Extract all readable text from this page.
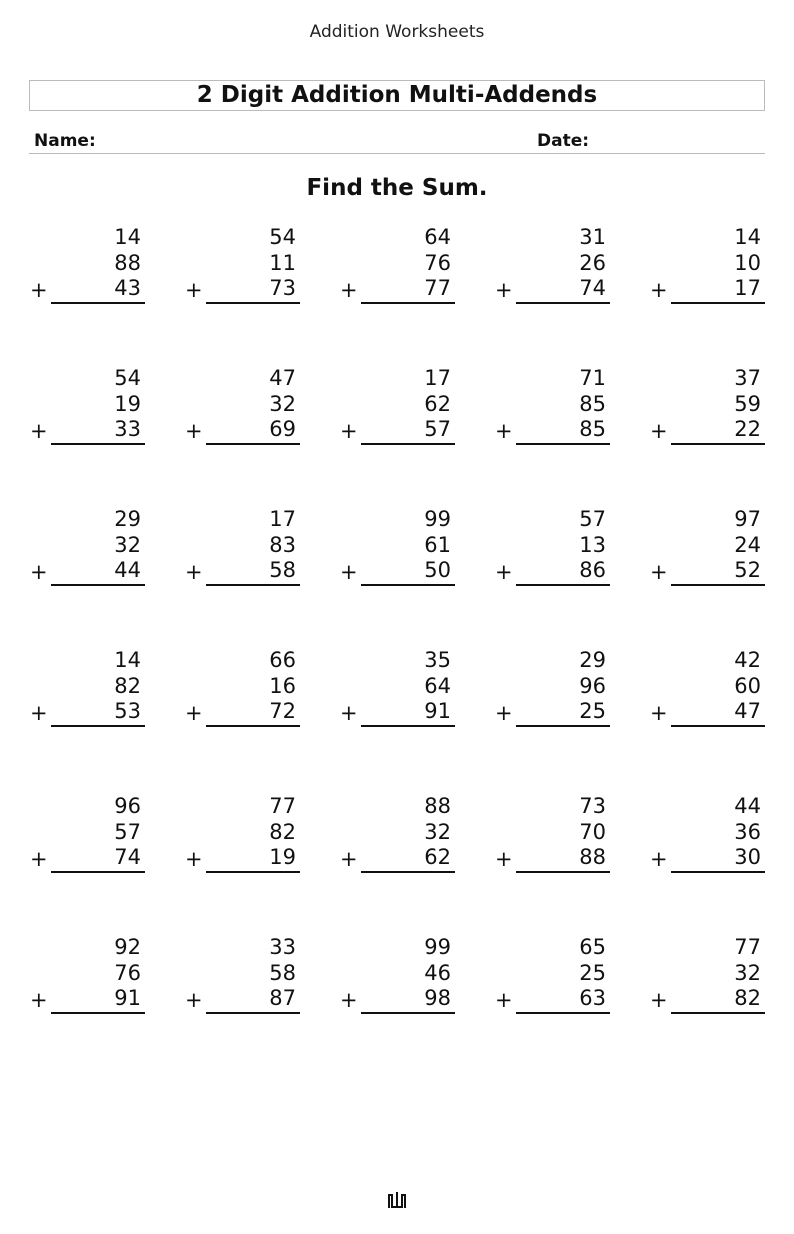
Addition Worksheets
2 Digit Addition Multi-Addends
Name:	Date:
Find the Sum.
14
88
43
+
54
11
73
+
64
76
77
+
31
26
74
+
14
10
17
+
54
19
33
+
47
32
69
+
17
62
57
+
71
85
85
+
37
59
22
+
29
32
44
+
17
83
58
+
99
61
50
+
57
13
86
+
97
24
52
+
14
82
53
+
66
16
72
+
35
64
91
+
29
96
25
+
42
60
47
+
96
57
74
+
77
82
19
+
88
32
62
+
73
70
88
+
44
36
30
+
92
76
91
+
33
58
87
+
99
46
98
+
65
25
63
+
77
32
82
+
